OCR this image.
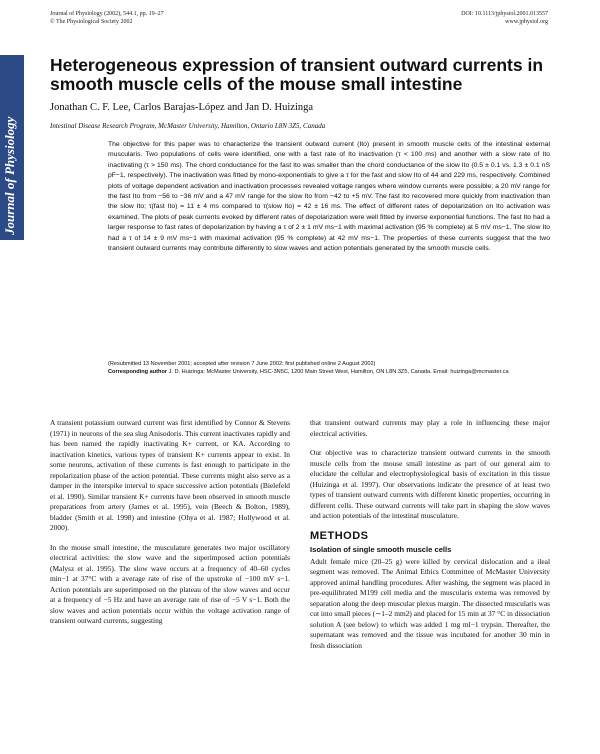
Journal of Physiology
Journal of Physiology (2002), 544.1, pp. 19–27
© The Physiological Society 2002
DOI: 10.1113/jphysiol.2001.013557
www.jphysiol.org
Heterogeneous expression of transient outward currents in smooth muscle cells of the mouse small intestine

Jonathan C. F. Lee, Carlos Barajas-López and Jan D. Huizinga

Intestinal Disease Research Program, McMaster University, Hamilton, Ontario L8N 3Z5, Canada

The objective for this paper was to characterize the transient outward current (Ito) present in smooth muscle cells of the intestinal external muscularis. Two populations of cells were identified, one with a fast rate of Ito inactivation (τ < 100 ms) and another with a slow rate of Ito inactivating (τ > 150 ms). The chord conductance for the fast Ito was smaller than the chord conductance of the slow Ito (0.5 ± 0.1 vs. 1.3 ± 0.1 nS pF−1, respectively). The inactivation was fitted by mono-exponentials to give a τ for the fast and slow Ito of 44 and 229 ms, respectively. Combined plots of voltage dependent activation and inactivation processes revealed voltage ranges where window currents were possible; a 20 mV range for the fast Ito from −56 to −36 mV and a 47 mV range for the slow Ito from −42 to +5 mV. The fast Ito recovered more quickly from inactivation than the slow Ito; τ(fast Ito) = 11 ± 4 ms compared to τ(slow Ito) = 42 ± 16 ms. The effect of different rates of depolarization on Ito activation was examined. The plots of peak currents evoked by different rates of depolarization were well fitted by inverse exponential functions. The fast Ito had a larger response to fast rates of depolarization by having a τ of 2 ± 1 mV ms−1 with maximal activation (95 % complete) at 5 mV ms−1. The slow Ito had a τ of 14 ± 9 mV ms−1 with maximal activation (95 % complete) at 42 mV ms−1. The properties of these currents suggest that the two transient outward currents may contribute differently to slow waves and action potentials generated by the smooth muscle cells.

(Resubmitted 13 November 2001; accepted after revision 7 June 2002; first published online 2 August 2002)
Corresponding author J. D. Huizinga: McMaster University, HSC-3N5C, 1200 Main Street West, Hamilton, ON L8N 3Z5, Canada. Email: huizinga@mcmaster.ca

A transient potassium outward current was first identified by Connor & Stevens (1971) in neurons of the sea slug Anisodoris. This current inactivates rapidly and has been named the rapidly inactivating K+ current, or KA. According to inactivation kinetics, various types of transient K+ currents appear to exist. In some neurons, activation of these currents is fast enough to participate in the repolarization phase of the action potential. These currents might also serve as a damper in the interspike interval to space successive action potentials (Bielefeld et al. 1990). Similar transient K+ currents have been observed in smooth muscle preparations from artery (James et al. 1995), vein (Beech & Bolton, 1989), bladder (Smith et al. 1998) and intestine (Ohya et al. 1987; Hollywood et al. 2000).

In the mouse small intestine, the musculature generates two major oscillatory electrical activities: the slow wave and the superimposed action potentials (Malysz et al. 1995). The slow wave occurs at a frequency of 40–60 cycles min−1 at 37°C with a average rate of rise of the upstroke of −100 mV s−1. Action potentials are superimposed on the plateau of the slow waves and occur at a frequency of −5 Hz and have an average rate of rise of −5 V s−1. Both the slow waves and action potentials occur within the voltage activation range of transient outward currents, suggesting

that transient outward currents may play a role in influencing these major electrical activities.

Our objective was to characterize transient outward currents in the smooth muscle cells from the mouse small intestine as part of our general aim to elucidate the cellular and electrophysiological basis of excitation in this tissue (Huizinga et al. 1997). Our observations indicate the presence of at least two types of transient outward currents with different kinetic properties, occurring in different cells. These outward currents will take part in shaping the slow waves and action potentials of the intestinal musculature.

METHODS
Isolation of single smooth muscle cells

Adult female mice (20–25 g) were killed by cervical dislocation and a ileal segment was removed. The Animal Ethics Committee of McMaster University approved animal handling procedures. After washing, the segment was placed in pre-equilibrated M199 cell media and the muscularis externa was removed by separation along the deep muscular plexus margin. The dissected muscularis was cut into small pieces (∼1–2 mm2) and placed for 15 min at 37 °C in dissociation solution A (see below) to which was added 1 mg ml−1 trypsin. Thereafter, the supernatant was removed and the tissue was incubated for another 30 min in fresh dissociation
